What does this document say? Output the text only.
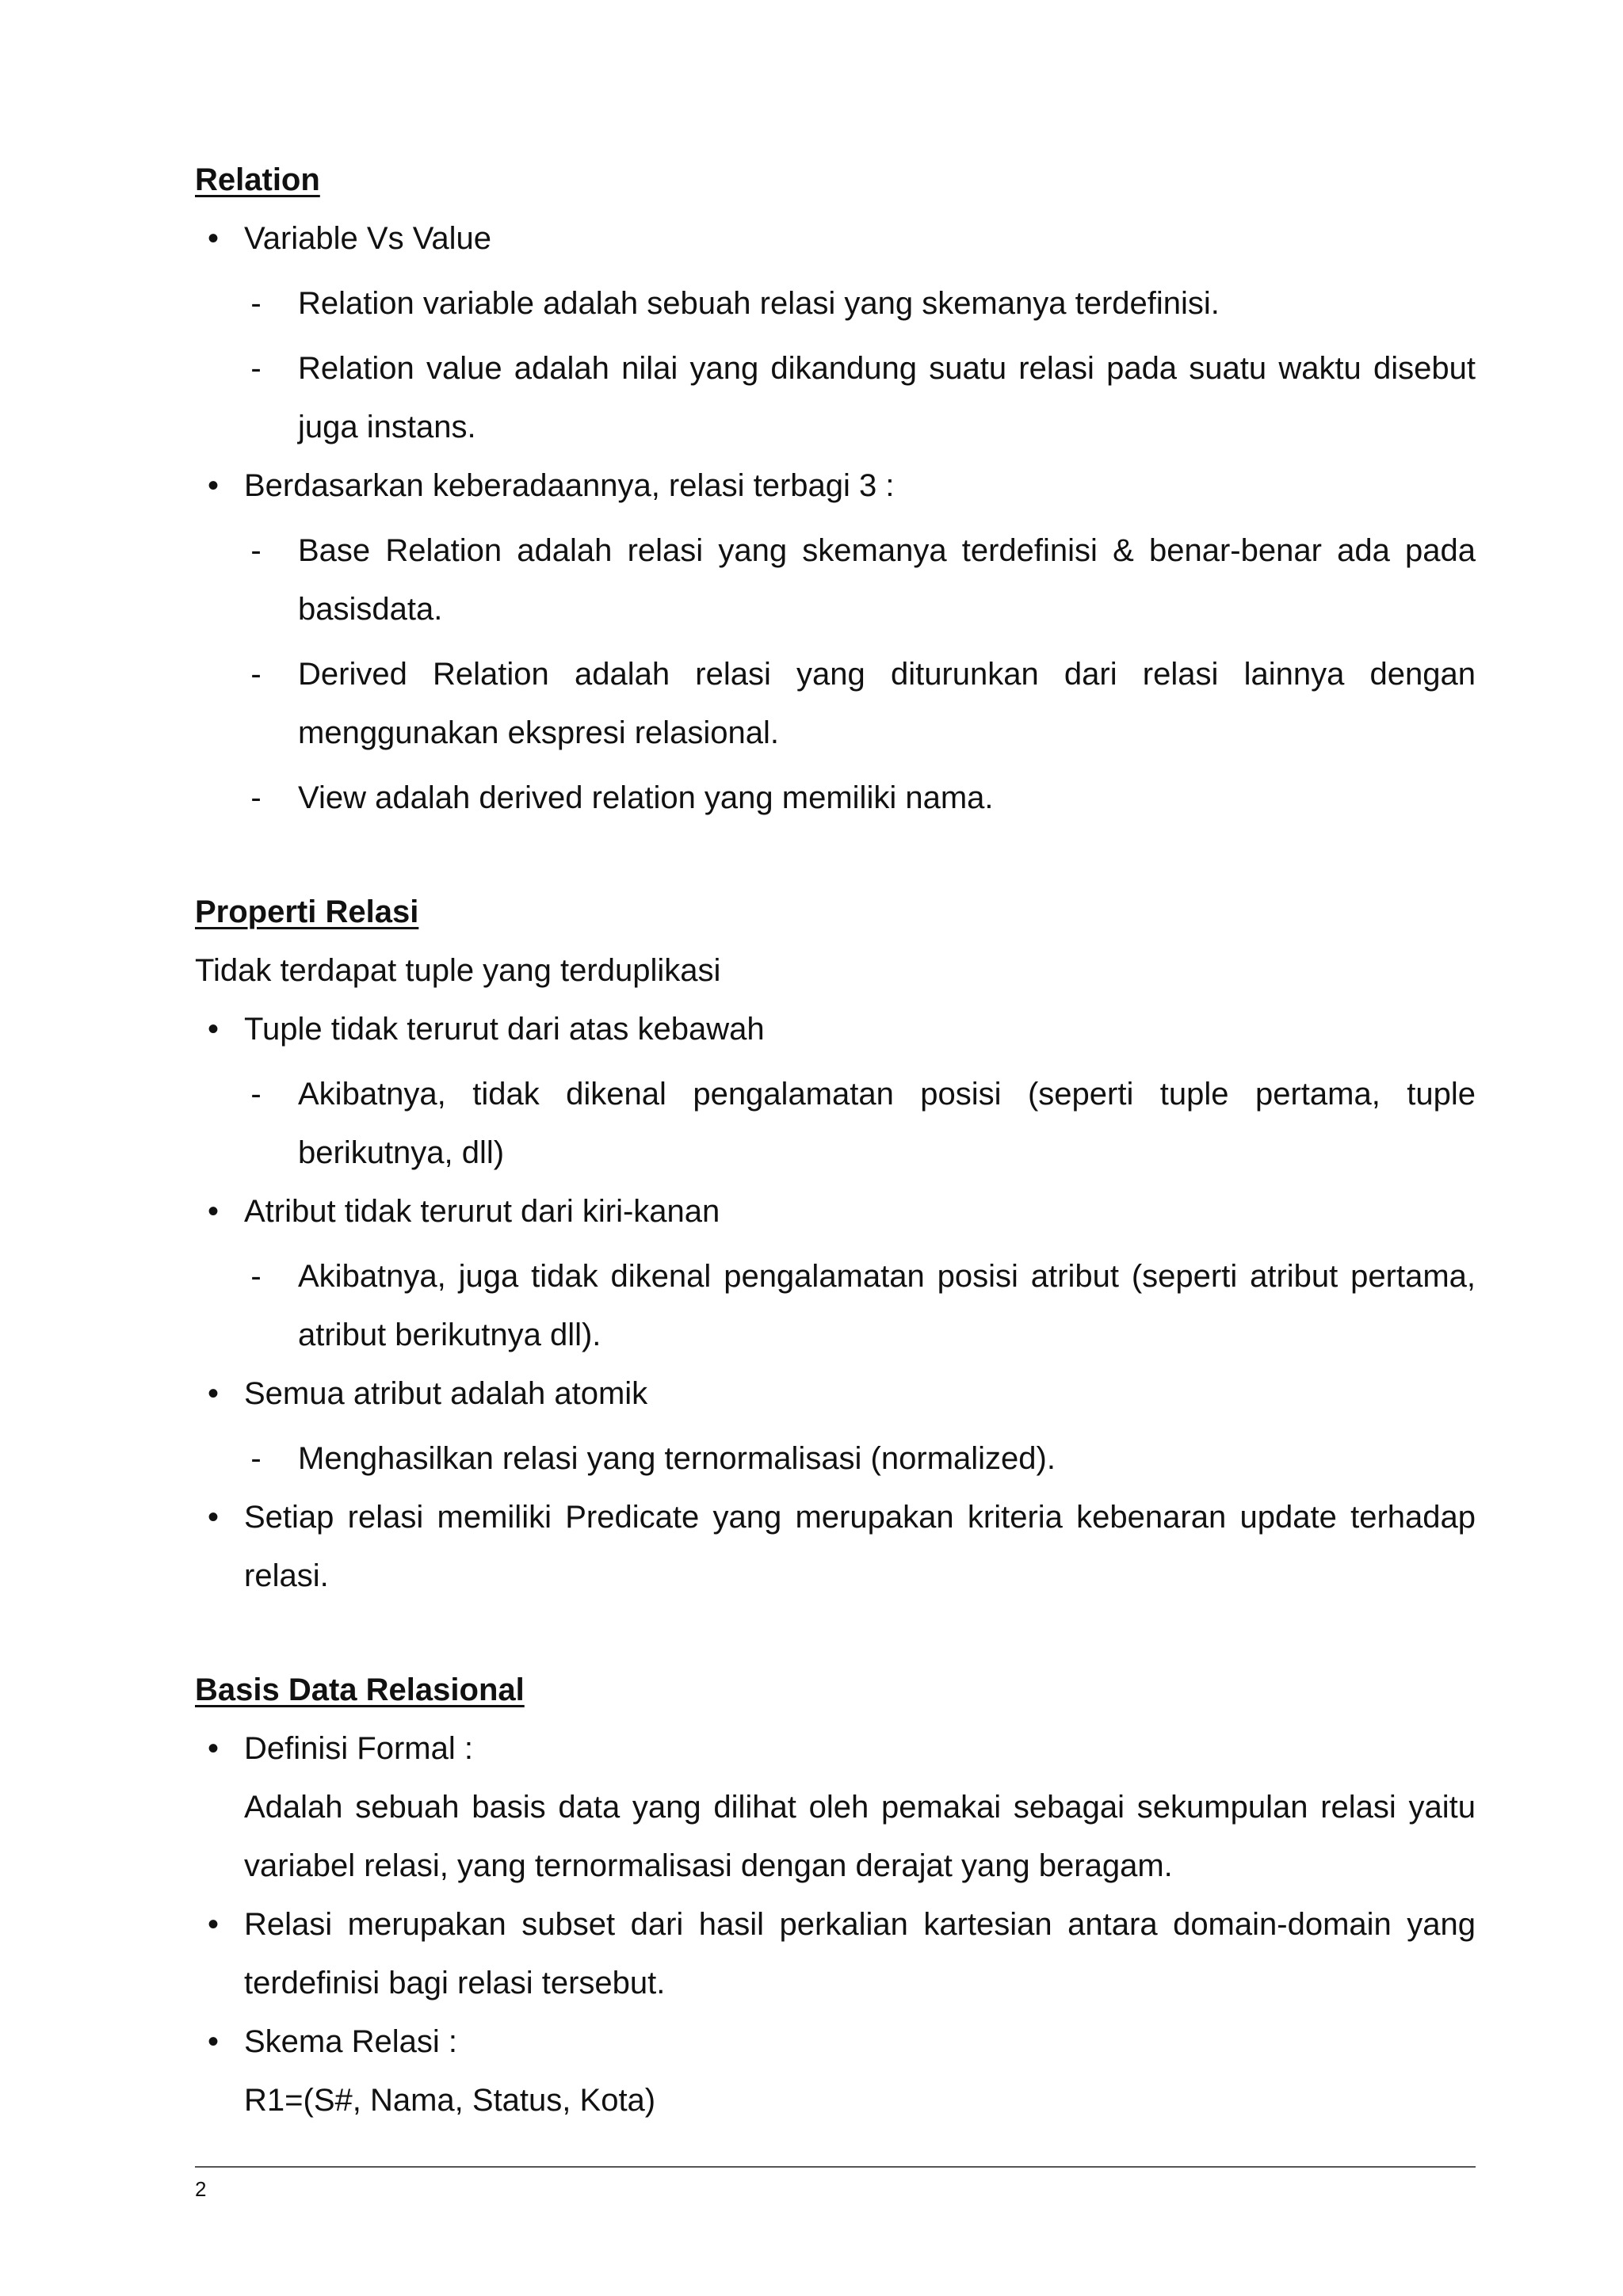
Relation

• Variable Vs Value

- Relation variable adalah sebuah relasi yang skemanya terdefinisi.

- Relation value adalah nilai yang dikandung suatu relasi pada suatu waktu disebut juga instans.

• Berdasarkan keberadaannya, relasi terbagi 3 :

- Base Relation adalah relasi yang skemanya terdefinisi & benar-benar ada pada basisdata.

- Derived Relation adalah relasi yang diturunkan dari relasi lainnya dengan menggunakan ekspresi relasional.

- View adalah derived relation yang memiliki nama.

Properti Relasi

Tidak terdapat tuple yang terduplikasi

• Tuple tidak terurut dari atas kebawah

- Akibatnya, tidak dikenal pengalamatan posisi (seperti tuple pertama, tuple berikutnya, dll)

• Atribut tidak terurut dari kiri-kanan

- Akibatnya, juga tidak dikenal pengalamatan posisi atribut (seperti atribut pertama, atribut berikutnya dll).

• Semua atribut adalah atomik

- Menghasilkan relasi yang ternormalisasi (normalized).

• Setiap relasi memiliki Predicate yang merupakan kriteria kebenaran update terhadap relasi.

Basis Data Relasional

• Definisi Formal :

Adalah sebuah basis data yang dilihat oleh pemakai sebagai sekumpulan relasi yaitu variabel relasi, yang ternormalisasi dengan derajat yang beragam.

• Relasi merupakan subset dari hasil perkalian kartesian antara domain-domain yang terdefinisi bagi relasi tersebut.

• Skema Relasi :

R1=(S#, Nama, Status, Kota)

2
